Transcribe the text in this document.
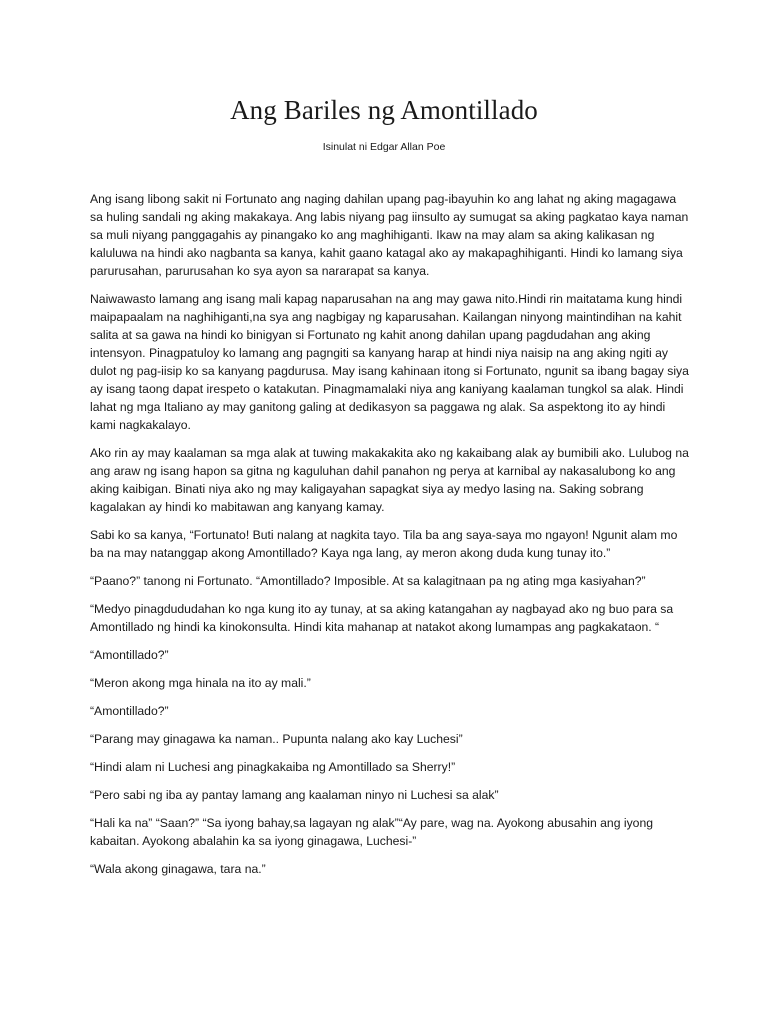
Ang Bariles ng Amontillado

Isinulat ni Edgar Allan Poe

Ang isang libong sakit ni Fortunato ang naging dahilan upang pag-ibayuhin ko ang lahat ng aking magagawa sa huling sandali ng aking makakaya. Ang labis niyang pag iinsulto ay sumugat sa aking pagkatao kaya naman sa muli niyang panggagahis ay pinangako ko ang maghihiganti. Ikaw na may alam sa aking kalikasan ng kaluluwa na hindi ako nagbanta sa kanya, kahit gaano katagal ako ay makapaghihiganti. Hindi ko lamang siya parurusahan, parurusahan ko sya ayon sa nararapat sa kanya.

Naiwawasto lamang ang isang mali kapag naparusahan na ang may gawa nito.Hindi rin maitatama kung hindi maipapaalam na naghihiganti,na sya ang nagbigay ng kaparusahan. Kailangan ninyong maintindihan na kahit salita at sa gawa na hindi ko binigyan si Fortunato ng kahit anong dahilan upang pagdudahan ang aking intensyon. Pinagpatuloy ko lamang ang pagngiti sa kanyang harap at hindi niya naisip na ang aking ngiti ay dulot ng pag-iisip ko sa kanyang pagdurusa. May isang kahinaan itong si Fortunato, ngunit sa ibang bagay siya ay isang taong dapat irespeto o katakutan. Pinagmamalaki niya ang kaniyang kaalaman tungkol sa alak. Hindi lahat ng mga Italiano ay may ganitong galing at dedikasyon sa paggawa ng alak. Sa aspektong ito ay hindi kami nagkakalayo.

Ako rin ay may kaalaman sa mga alak at tuwing makakakita ako ng kakaibang alak ay bumibili ako. Lulubog na ang araw ng isang hapon sa gitna ng kaguluhan dahil panahon ng perya at karnibal ay nakasalubong ko ang aking kaibigan. Binati niya ako ng may kaligayahan sapagkat siya ay medyo lasing na. Saking sobrang kagalakan ay hindi ko mabitawan ang kanyang kamay.

Sabi ko sa kanya, “Fortunato! Buti nalang at nagkita tayo. Tila ba ang saya-saya mo ngayon! Ngunit alam mo ba na may natanggap akong Amontillado? Kaya nga lang, ay meron akong duda kung tunay ito.”

“Paano?” tanong ni Fortunato. “Amontillado? Imposible. At sa kalagitnaan pa ng ating mga kasiyahan?”

“Medyo pinagdududahan ko nga kung ito ay tunay, at sa aking katangahan ay nagbayad ako ng buo para sa Amontillado ng hindi ka kinokonsulta. Hindi kita mahanap at natakot akong lumampas ang pagkakataon. “

“Amontillado?”

“Meron akong mga hinala na ito ay mali.”

“Amontillado?”

“Parang may ginagawa ka naman.. Pupunta nalang ako kay Luchesi”

“Hindi alam ni Luchesi ang pinagkakaiba ng Amontillado sa Sherry!”

“Pero sabi ng iba ay pantay lamang ang kaalaman ninyo ni Luchesi sa alak”

“Hali ka na” “Saan?” “Sa iyong bahay,sa lagayan ng alak”“Ay pare, wag na. Ayokong abusahin ang iyong kabaitan. Ayokong abalahin ka sa iyong ginagawa, Luchesi-”

“Wala akong ginagawa, tara na.”
